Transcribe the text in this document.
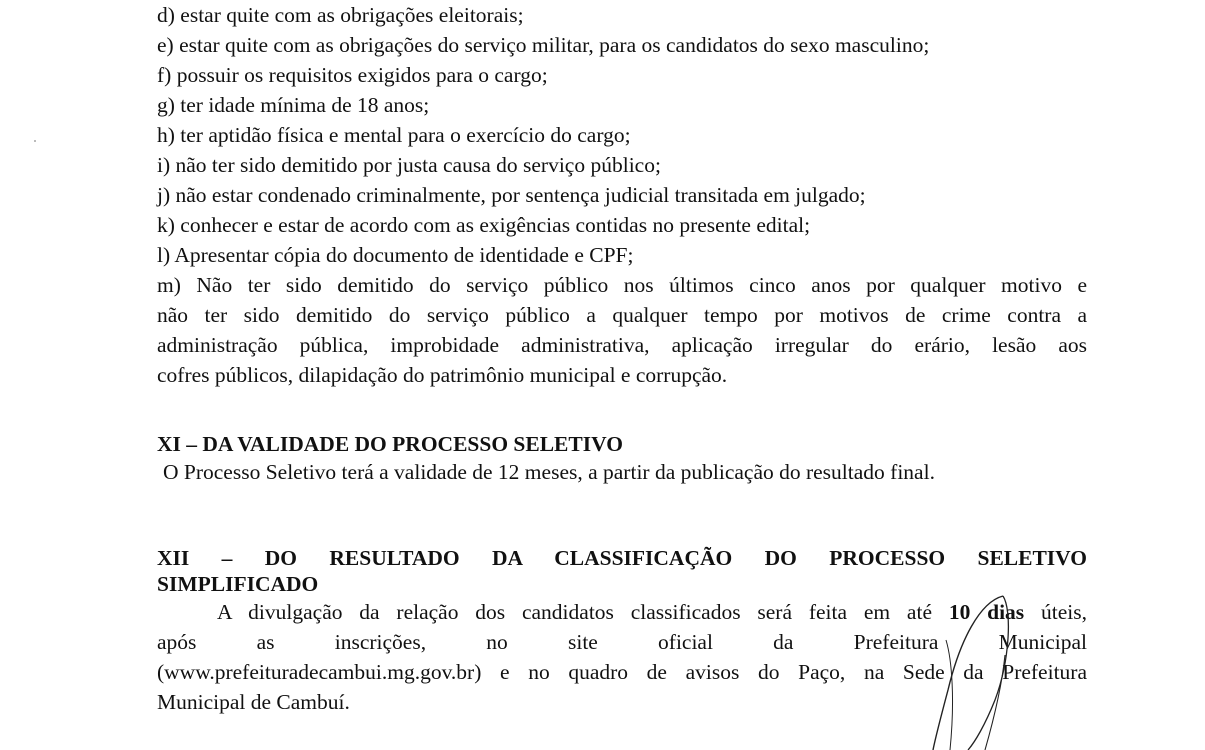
d) estar quite com as obrigações eleitorais;
e) estar quite com as obrigações do serviço militar, para os candidatos do sexo masculino;
f) possuir os requisitos exigidos para o cargo;
g) ter idade mínima de 18 anos;
h) ter aptidão física e mental para o exercício do cargo;
i) não ter sido demitido por justa causa do serviço público;
j) não estar condenado criminalmente, por sentença judicial transitada em julgado;
k) conhecer e estar de acordo com as exigências contidas no presente edital;
l) Apresentar cópia do documento de identidade e CPF;
m) Não ter sido demitido do serviço público nos últimos cinco anos por qualquer motivo e
não ter sido demitido do serviço público a qualquer tempo por motivos de crime contra a
administração pública, improbidade administrativa, aplicação irregular do erário, lesão aos
cofres públicos, dilapidação do patrimônio municipal e corrupção.
XI – DA VALIDADE DO PROCESSO SELETIVO
O Processo Seletivo terá a validade de 12 meses, a partir da publicação do resultado final.
XII – DO RESULTADO DA CLASSIFICAÇÃO DO PROCESSO SELETIVO
SIMPLIFICADO
A divulgação da relação dos candidatos classificados será feita em até 10 dias úteis,
após as inscrições, no site oficial da Prefeitura Municipal
(www.prefeituradecambui.mg.gov.br) e no quadro de avisos do Paço, na Sede da Prefeitura
Municipal de Cambuí.
